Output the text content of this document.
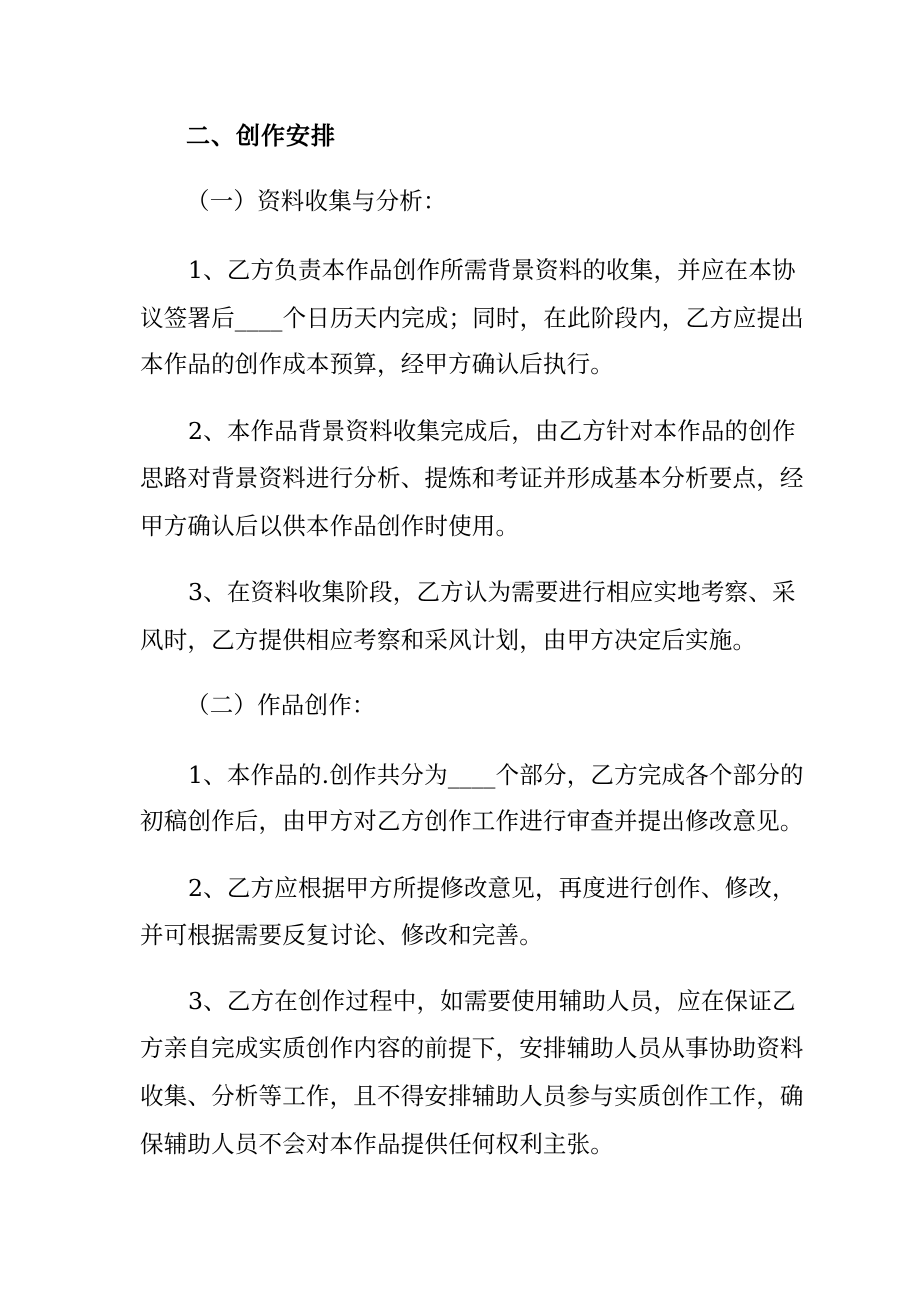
二、创作安排
（一）资料收集与分析：
1、乙方负责本作品创作所需背景资料的收集，并应在本协
议签署后____个日历天内完成；同时，在此阶段内，乙方应提出
本作品的创作成本预算，经甲方确认后执行。
2、本作品背景资料收集完成后，由乙方针对本作品的创作
思路对背景资料进行分析、提炼和考证并形成基本分析要点，经
甲方确认后以供本作品创作时使用。
3、在资料收集阶段，乙方认为需要进行相应实地考察、采
风时，乙方提供相应考察和采风计划，由甲方决定后实施。
（二）作品创作：
1、本作品的.创作共分为____个部分，乙方完成各个部分的
初稿创作后，由甲方对乙方创作工作进行审查并提出修改意见。
2、乙方应根据甲方所提修改意见，再度进行创作、修改，
并可根据需要反复讨论、修改和完善。
3、乙方在创作过程中，如需要使用辅助人员，应在保证乙
方亲自完成实质创作内容的前提下，安排辅助人员从事协助资料
收集、分析等工作，且不得安排辅助人员参与实质创作工作，确
保辅助人员不会对本作品提供任何权利主张。
